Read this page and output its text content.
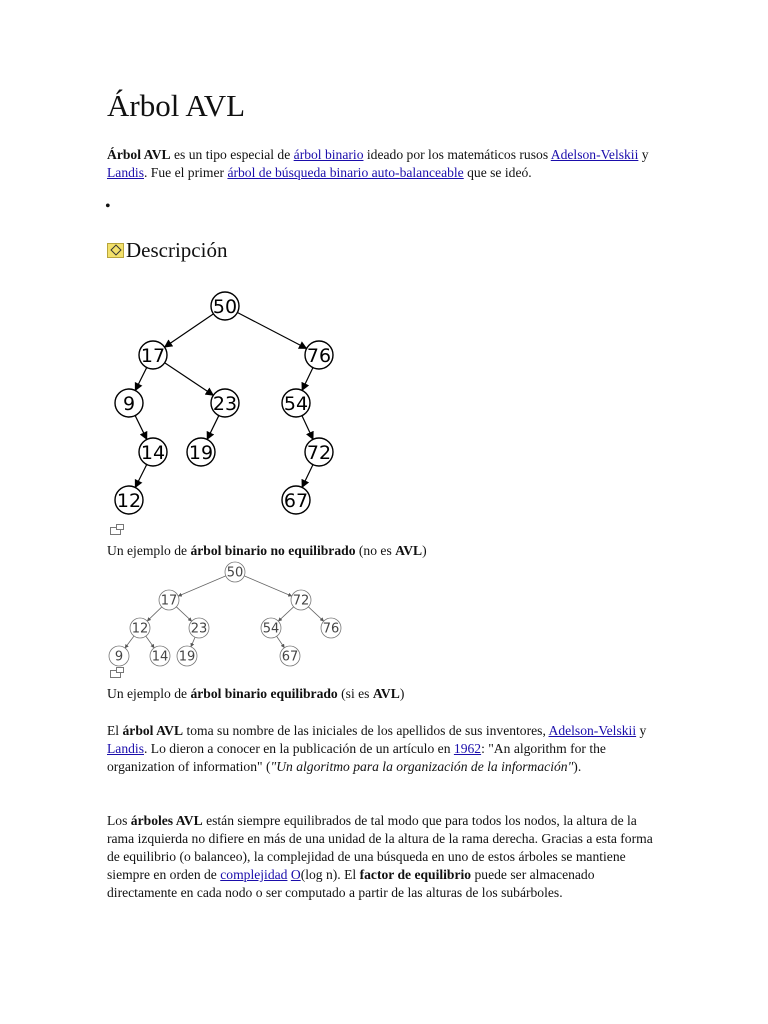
Árbol AVL

Árbol AVL es un tipo especial de árbol binario ideado por los matemáticos rusos Adelson-Velskii y Landis. Fue el primer árbol de búsqueda binario auto-balanceable que se ideó.

•
Descripción
50
17	76
9	23 54
14 19	72
12	67
Un ejemplo de árbol binario no equilibrado (no es AVL)
50
17	72
12	23	54	76
9 14 19	67
Un ejemplo de árbol binario equilibrado (si es AVL)

El árbol AVL toma su nombre de las iniciales de los apellidos de sus inventores, Adelson-Velskii y Landis. Lo dieron a conocer en la publicación de un artículo en 1962: "An algorithm for the organization of information" ("Un algoritmo para la organización de la información").

Los árboles AVL están siempre equilibrados de tal modo que para todos los nodos, la altura de la rama izquierda no difiere en más de una unidad de la altura de la rama derecha. Gracias a esta forma de equilibrio (o balanceo), la complejidad de una búsqueda en uno de estos árboles se mantiene siempre en orden de complejidad O(log n). El factor de equilibrio puede ser almacenado directamente en cada nodo o ser computado a partir de las alturas de los subárboles.
